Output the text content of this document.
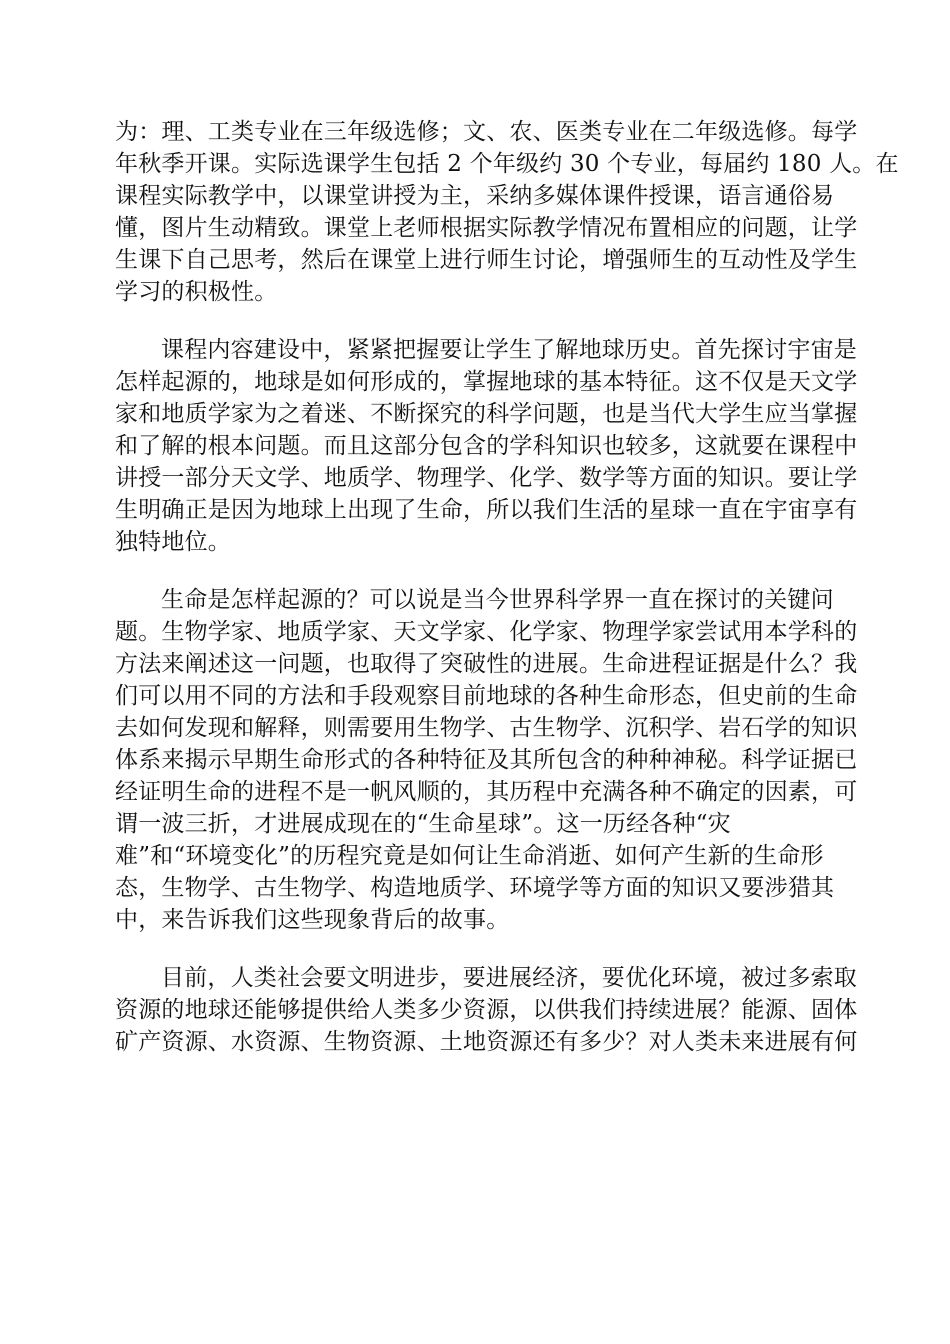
为：理、工类专业在三年级选修；文、农、医类专业在二年级选修。每学
年秋季开课。实际选课学生包括 2 个年级约 30 个专业，每届约 180 人。在
课程实际教学中，以课堂讲授为主，采纳多媒体课件授课，语言通俗易
懂，图片生动精致。课堂上老师根据实际教学情况布置相应的问题，让学
生课下自己思考，然后在课堂上进行师生讨论，增强师生的互动性及学生
学习的积极性。

课程内容建设中，紧紧把握要让学生了解地球历史。首先探讨宇宙是
怎样起源的，地球是如何形成的，掌握地球的基本特征。这不仅是天文学
家和地质学家为之着迷、不断探究的科学问题，也是当代大学生应当掌握
和了解的根本问题。而且这部分包含的学科知识也较多，这就要在课程中
讲授一部分天文学、地质学、物理学、化学、数学等方面的知识。要让学
生明确正是因为地球上出现了生命，所以我们生活的星球一直在宇宙享有
独特地位。

生命是怎样起源的？可以说是当今世界科学界一直在探讨的关键问
题。生物学家、地质学家、天文学家、化学家、物理学家尝试用本学科的
方法来阐述这一问题，也取得了突破性的进展。生命进程证据是什么？我
们可以用不同的方法和手段观察目前地球的各种生命形态，但史前的生命
去如何发现和解释，则需要用生物学、古生物学、沉积学、岩石学的知识
体系来揭示早期生命形式的各种特征及其所包含的种种神秘。科学证据已
经证明生命的进程不是一帆风顺的，其历程中充满各种不确定的因素，可
谓一波三折，才进展成现在的“生命星球”。这一历经各种“灾
难”和“环境变化”的历程究竟是如何让生命消逝、如何产生新的生命形
态，生物学、古生物学、构造地质学、环境学等方面的知识又要涉猎其
中，来告诉我们这些现象背后的故事。

目前，人类社会要文明进步，要进展经济，要优化环境，被过多索取
资源的地球还能够提供给人类多少资源，以供我们持续进展？能源、固体
矿产资源、水资源、生物资源、土地资源还有多少？对人类未来进展有何
